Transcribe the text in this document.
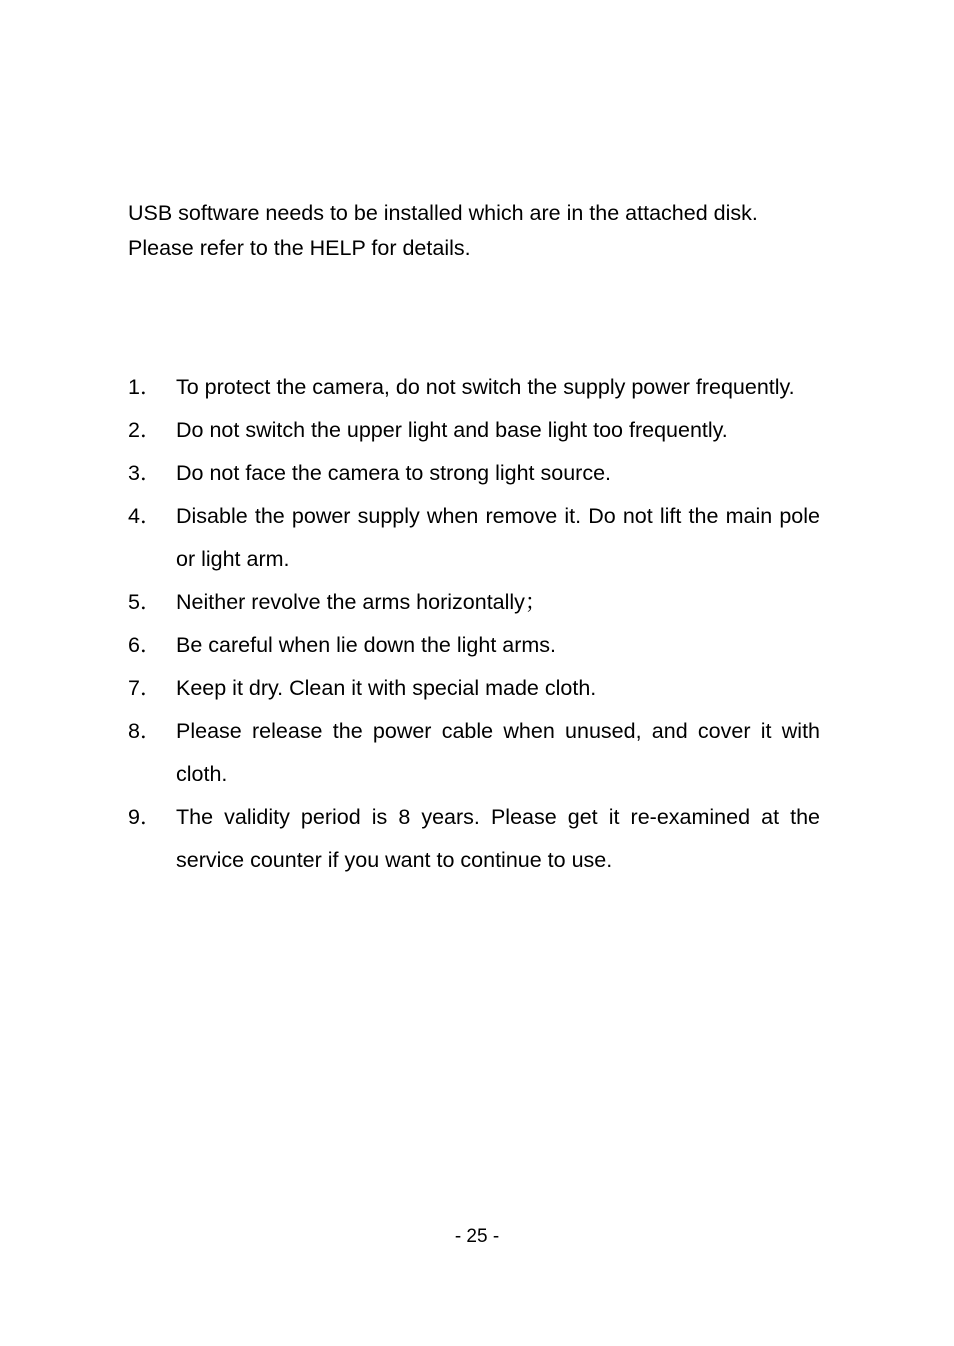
USB software needs to be installed which are in the attached disk.

Please refer to the HELP for details.

1． To protect the camera, do not switch the supply power frequently.
2． Do not switch the upper light and base light too frequently.
3． Do not face the camera to strong light source.
4． Disable the power supply when remove it. Do not lift the main pole or light arm.
5． Neither revolve the arms horizontally；
6． Be careful when lie down the light arms.
7． Keep it dry. Clean it with special made cloth.
8． Please release the power cable when unused, and cover it with cloth.
9． The validity period is 8 years. Please get it re-examined at the service counter if you want to continue to use.
- 25 -
